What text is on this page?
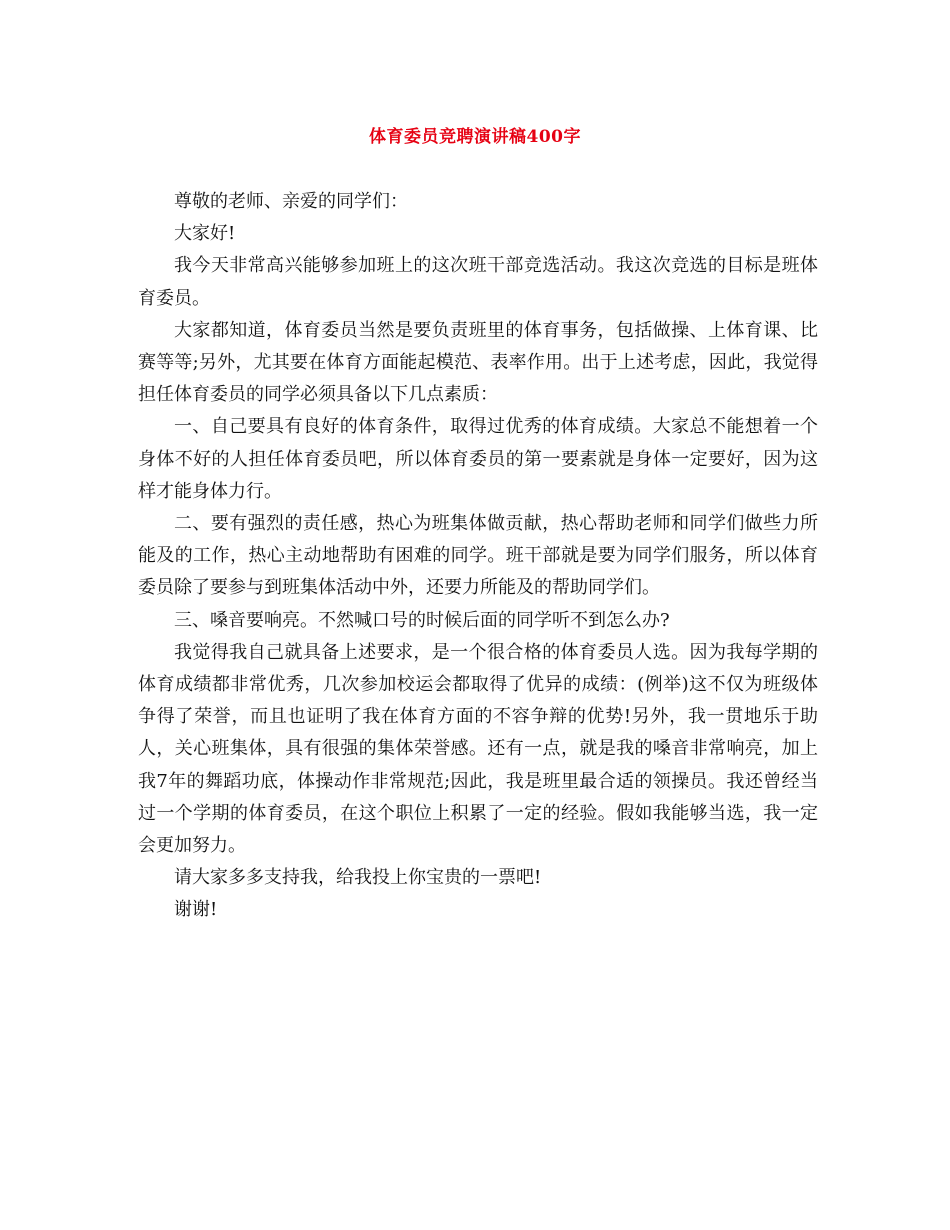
体育委员竞聘演讲稿400字

尊敬的老师、亲爱的同学们：

大家好!

我今天非常高兴能够参加班上的这次班干部竞选活动。我这次竞选的目标是班体育委员。

大家都知道，体育委员当然是要负责班里的体育事务，包括做操、上体育课、比赛等等;另外，尤其要在体育方面能起模范、表率作用。出于上述考虑，因此，我觉得担任体育委员的同学必须具备以下几点素质：

一、自己要具有良好的体育条件，取得过优秀的体育成绩。大家总不能想着一个身体不好的人担任体育委员吧，所以体育委员的第一要素就是身体一定要好，因为这样才能身体力行。

二、要有强烈的责任感，热心为班集体做贡献，热心帮助老师和同学们做些力所能及的工作，热心主动地帮助有困难的同学。班干部就是要为同学们服务，所以体育委员除了要参与到班集体活动中外，还要力所能及的帮助同学们。

三、嗓音要响亮。不然喊口号的时候后面的同学听不到怎么办?

我觉得我自己就具备上述要求，是一个很合格的体育委员人选。因为我每学期的体育成绩都非常优秀，几次参加校运会都取得了优异的成绩：(例举)这不仅为班级体争得了荣誉，而且也证明了我在体育方面的不容争辩的优势!另外，我一贯地乐于助人，关心班集体，具有很强的集体荣誉感。还有一点，就是我的嗓音非常响亮，加上我7年的舞蹈功底，体操动作非常规范;因此，我是班里最合适的领操员。我还曾经当过一个学期的体育委员，在这个职位上积累了一定的经验。假如我能够当选，我一定会更加努力。

请大家多多支持我，给我投上你宝贵的一票吧!

谢谢!
